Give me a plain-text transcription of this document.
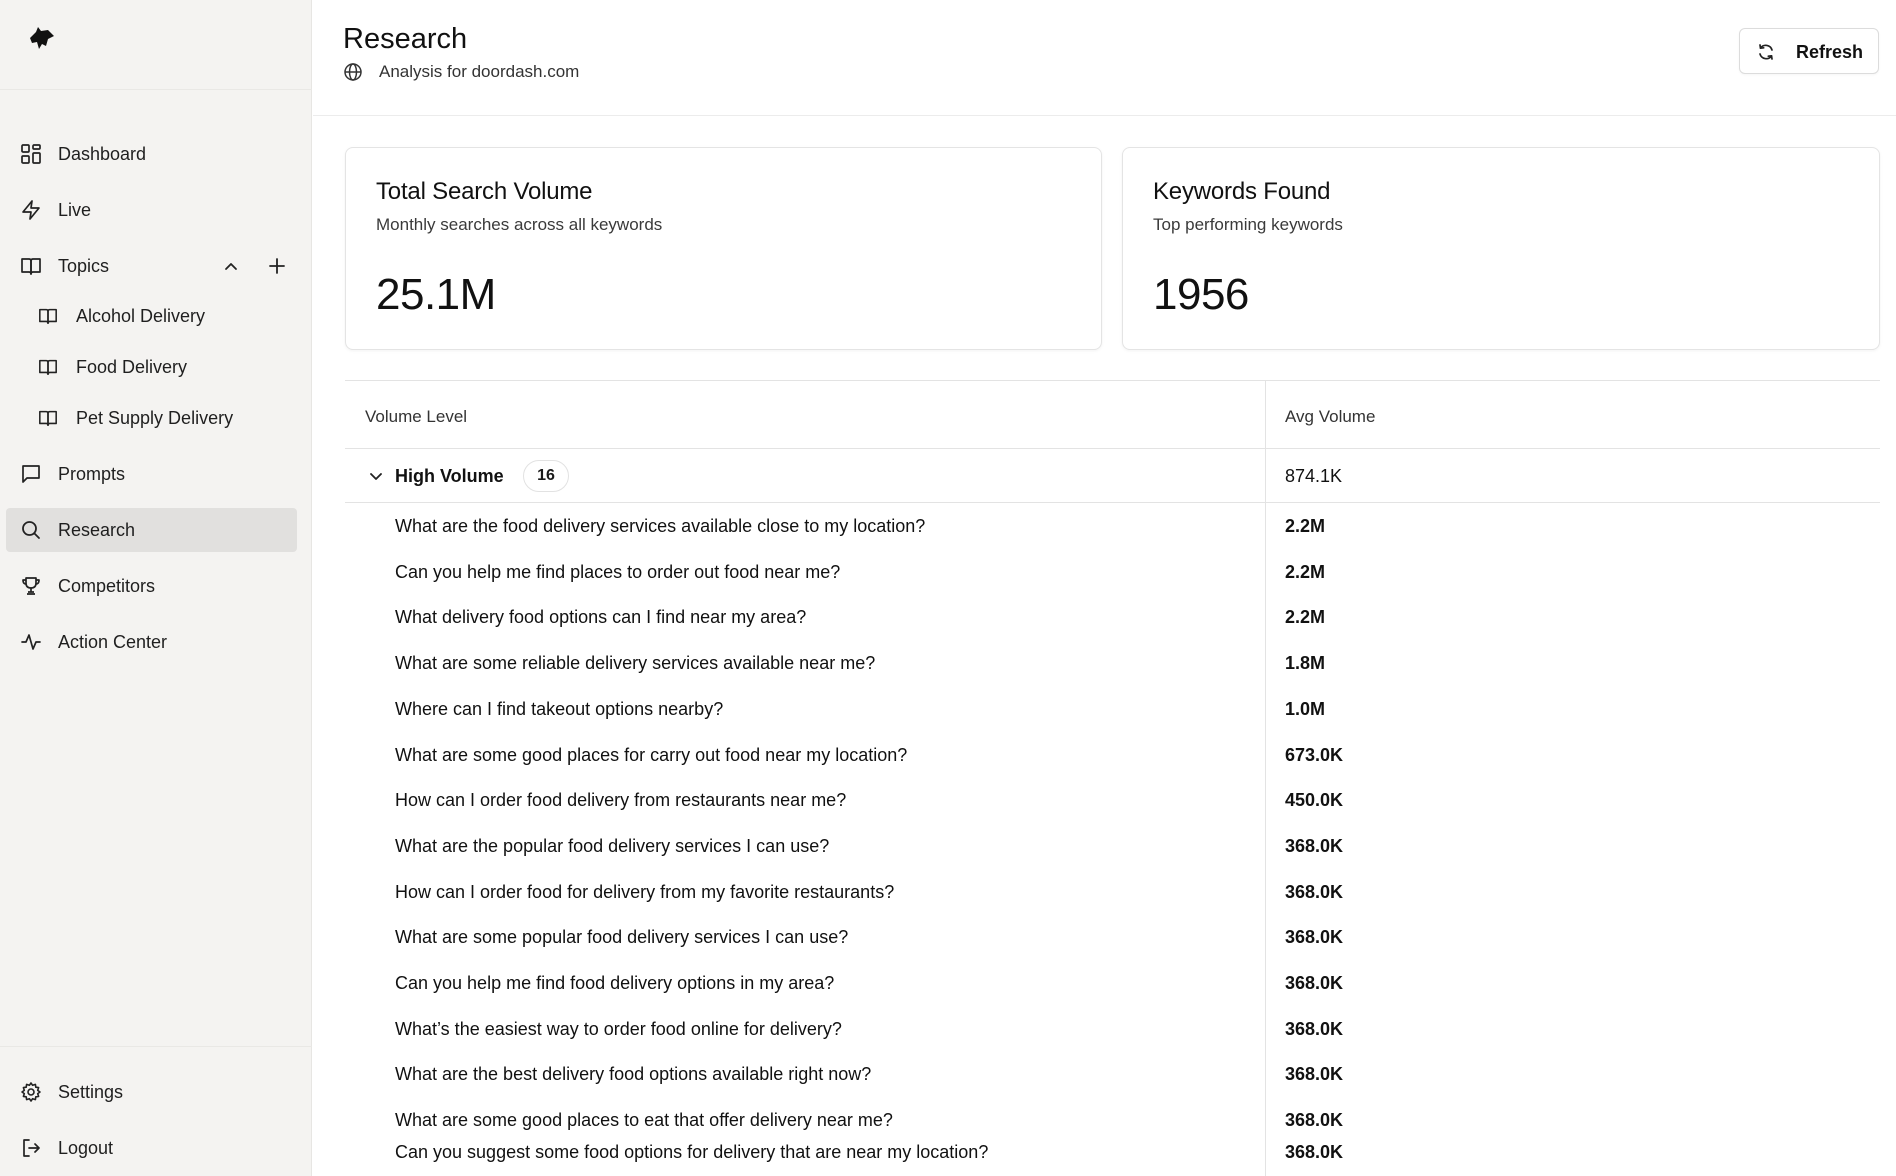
Dashboard
Live
Topics
Alcohol Delivery
Food Delivery
Pet Supply Delivery
Prompts
Research
Competitors
Action Center
Settings
Logout
Research
Analysis for doordash.com
Refresh
Total Search Volume
Monthly searches across all keywords
25.1M
Keywords Found
Top performing keywords
1956
Volume Level	Avg Volume
High Volume	16	874.1K
What are the food delivery services available close to my location?	2.2M
Can you help me find places to order out food near me?	2.2M
What delivery food options can I find near my area?	2.2M
What are some reliable delivery services available near me?	1.8M
Where can I find takeout options nearby?	1.0M
What are some good places for carry out food near my location?	673.0K
How can I order food delivery from restaurants near me?	450.0K
What are the popular food delivery services I can use?	368.0K
How can I order food for delivery from my favorite restaurants?	368.0K
What are some popular food delivery services I can use?	368.0K
Can you help me find food delivery options in my area?	368.0K
What’s the easiest way to order food online for delivery?	368.0K
What are the best delivery food options available right now?	368.0K
What are some good places to eat that offer delivery near me?	368.0K
Can you suggest some food options for delivery that are near my location?	368.0K
